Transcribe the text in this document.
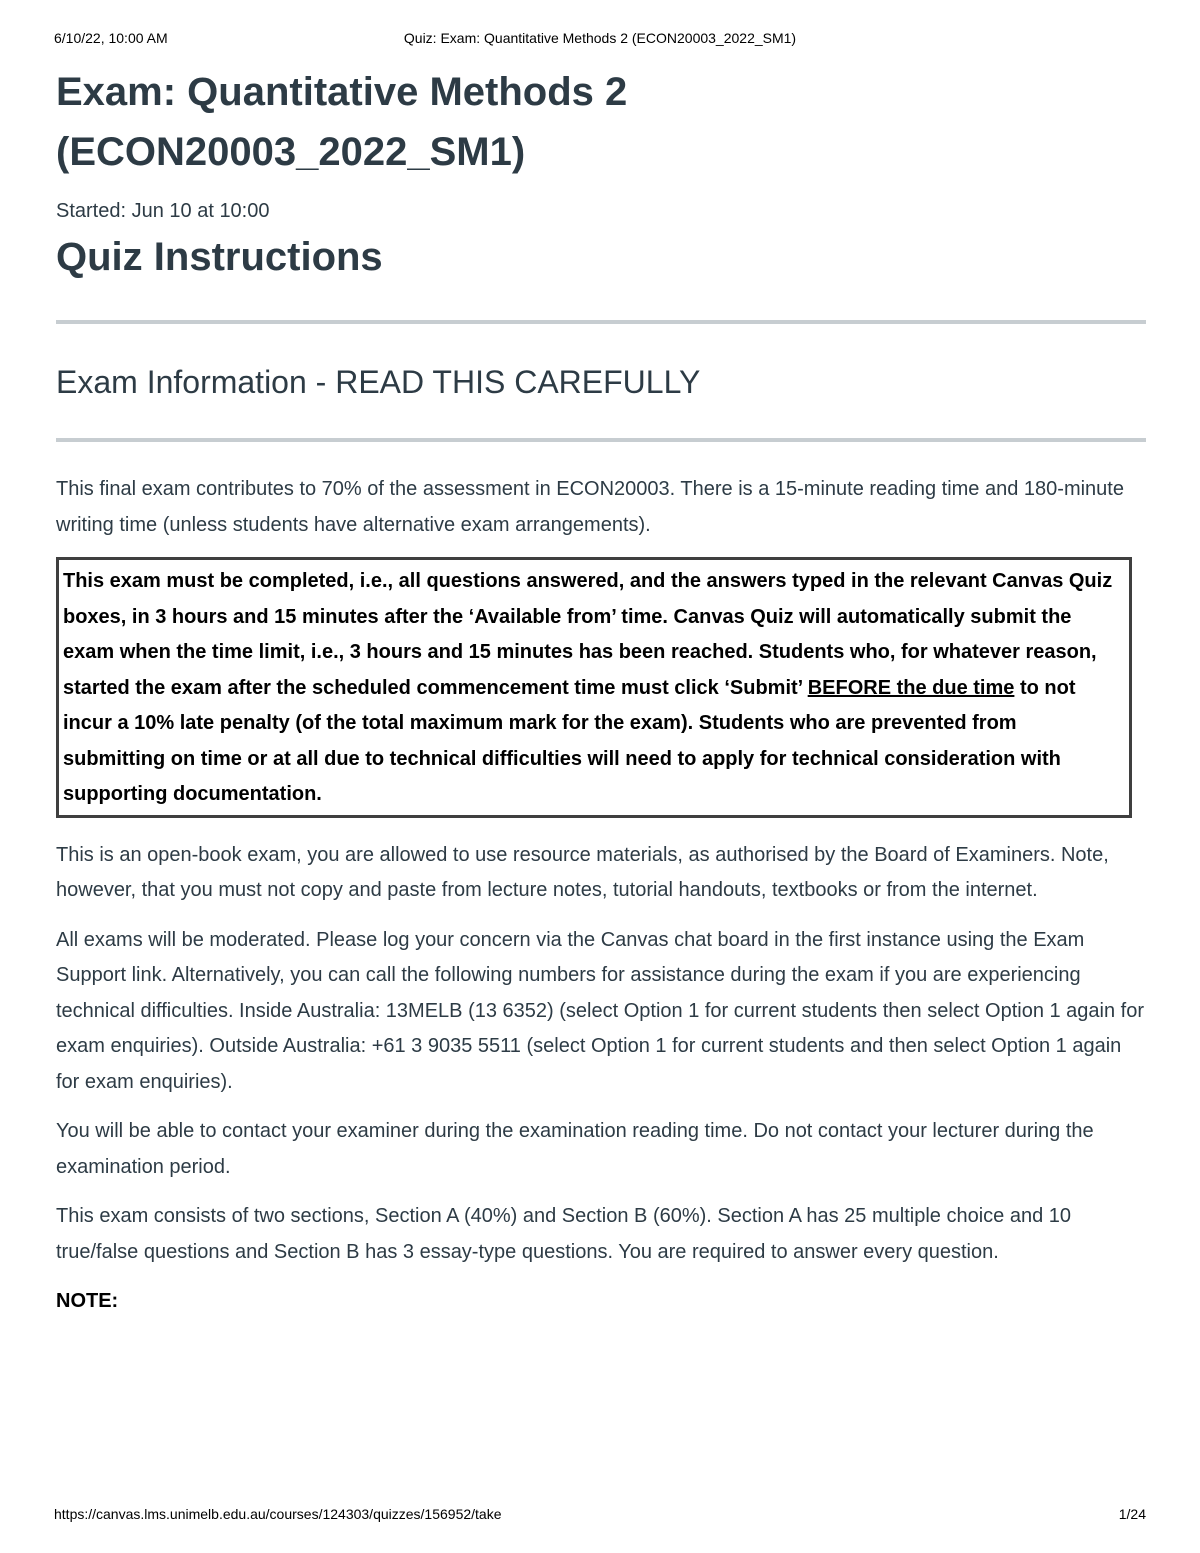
6/10/22, 10:00 AM	Quiz: Exam: Quantitative Methods 2 (ECON20003_2022_SM1)
Exam: Quantitative Methods 2
(ECON20003_2022_SM1)
Started: Jun 10 at 10:00
Quiz Instructions
Exam Information - READ THIS CAREFULLY

This final exam contributes to 70% of the assessment in ECON20003. There is a 15-minute reading time and 180-minute writing time (unless students have alternative exam arrangements).

This exam must be completed, i.e., all questions answered, and the answers typed in the relevant Canvas Quiz boxes, in 3 hours and 15 minutes after the ‘Available from’ time. Canvas Quiz will automatically submit the exam when the time limit, i.e., 3 hours and 15 minutes has been reached. Students who, for whatever reason, started the exam after the scheduled commencement time must click ‘Submit’ BEFORE the due time to not incur a 10% late penalty (of the total maximum mark for the exam). Students who are prevented from submitting on time or at all due to technical difficulties will need to apply for technical consideration with supporting documentation.

This is an open-book exam, you are allowed to use resource materials, as authorised by the Board of Examiners. Note, however, that you must not copy and paste from lecture notes, tutorial handouts, textbooks or from the internet.

All exams will be moderated. Please log your concern via the Canvas chat board in the first instance using the Exam Support link. Alternatively, you can call the following numbers for assistance during the exam if you are experiencing technical difficulties. Inside Australia: 13MELB (13 6352) (select Option 1 for current students then select Option 1 again for exam enquiries). Outside Australia: +61 3 9035 5511 (select Option 1 for current students and then select Option 1 again for exam enquiries).

You will be able to contact your examiner during the examination reading time. Do not contact your lecturer during the examination period.

This exam consists of two sections, Section A (40%) and Section B (60%). Section A has 25 multiple choice and 10 true/false questions and Section B has 3 essay-type questions. You are required to answer every question.

NOTE:
https://canvas.lms.unimelb.edu.au/courses/124303/quizzes/156952/take	1/24
